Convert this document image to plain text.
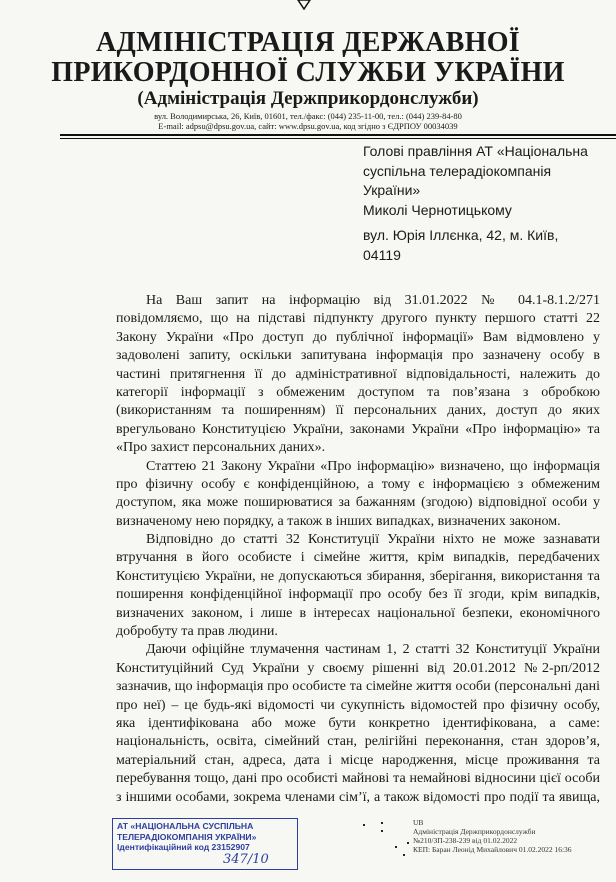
АДМІНІСТРАЦІЯ ДЕРЖАВНОЇ
ПРИКОРДОННОЇ СЛУЖБИ УКРАЇНИ
(Адміністрація Держприкордонслужби)
вул. Володимирська, 26, Київ, 01601, тел./факс: (044) 235-11-00, тел.: (044) 239-84-80
E-mail: adpsu@dpsu.gov.ua, сайт: www.dpsu.gov.ua, код згідно з ЄДРПОУ 00034039
Голові правління АТ «Національна
суспільна телерадіокомпанія
України»
Миколі Чернотицькому
вул. Юрія Іллєнка, 42, м. Київ,
04119
На Ваш запит на інформацію від 31.01.2022 № 04.1-8.1.2/271
повідомляємо, що на підставі підпункту другого пункту першого статті 22
Закону України «Про доступ до публічної інформації» Вам відмовлено у
задоволені запиту, оскільки запитувана інформація про зазначену особу в
частині притягнення її до адміністративної відповідальності, належить до
категорії інформації з обмеженим доступом та пов’язана з обробкою
(використанням та поширенням) її персональних даних, доступ до яких
врегульовано Конституцією України, законами України «Про інформацію» та
«Про захист персональних даних».
Статтею 21 Закону України «Про інформацію» визначено, що інформація
про фізичну особу є конфіденційною, а тому є інформацією з обмеженим
доступом, яка може поширюватися за бажанням (згодою) відповідної особи у
визначеному нею порядку, а також в інших випадках, визначених законом.
Відповідно до статті 32 Конституції України ніхто не може зазнавати
втручання в його особисте і сімейне життя, крім випадків, передбачених
Конституцією України, не допускаються збирання, зберігання, використання та
поширення конфіденційної інформації про особу без її згоди, крім випадків,
визначених законом, і лише в інтересах національної безпеки, економічного
добробуту та прав людини.
Даючи офіційне тлумачення частинам 1, 2 статті 32 Конституції України
Конституційний Суд України у своєму рішенні від 20.01.2012 №2-рп/2012
зазначив, що інформація про особисте та сімейне життя особи (персональні дані
про неї) – це будь-які відомості чи сукупність відомостей про фізичну особу,
яка ідентифікована або може бути конкретно ідентифікована, а саме:
національність, освіта, сімейний стан, релігійні переконання, стан здоров’я,
матеріальний стан, адреса, дата і місце народження, місце проживання та
перебування тощо, дані про особисті майнові та немайнові відносини цієї особи
з іншими особами, зокрема членами сім’ї, а також відомості про події та явища,
АТ «НАЦІОНАЛЬНА СУСПІЛЬНА
ТЕЛЕРАДІОКОМПАНІЯ УКРАЇНИ»
Ідентифікаційний код 23152907
347/10
UB
Адміністрація Держприкордонслужби
№210/ЗП-238-239 від 01.02.2022
КЕП: Баран Леонід Михайлович 01.02.2022 16:36
